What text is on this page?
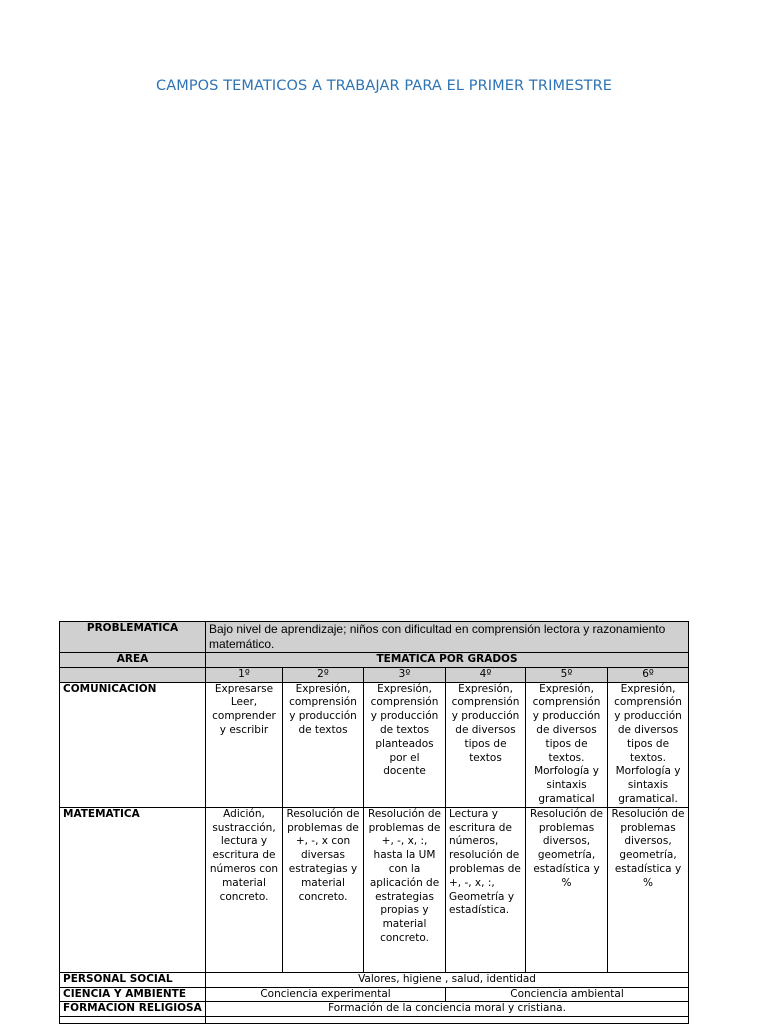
CAMPOS TEMATICOS A TRABAJAR PARA EL PRIMER TRIMESTRE
PROBLEMATICA	Bajo nivel de aprendizaje; niños con dificultad en comprensión lectora y razonamiento matemático.					
AREA	TEMATICA POR GRADOS					
	1º	2º	3º	4º	5º	6º
COMUNICACIÒN	Expresarse Leer, comprender y escribir	Expresión, comprensión y producción de textos	Expresión, comprensión y producción de textos planteados por el docente	Expresión, comprensión y producción de diversos tipos de textos	Expresión, comprensión y producción de diversos tipos de textos. Morfología y sintaxis gramatical	Expresión, comprensión y producción de diversos tipos de textos. Morfología y sintaxis gramatical.
MATEMATICA	Adición, sustracción, lectura y escritura de números con material concreto.	Resolución de problemas de +, -, x con diversas estrategias y material concreto.	Resolución de problemas de +, -, x, :, hasta la UM con la aplicación de estrategias propias y material concreto.	Lectura y escritura de números, resolución de problemas de +, -, x, :, Geometría y estadística.	Resolución de problemas diversos, geometría, estadística y %	Resolución de problemas diversos, geometría, estadística y %
PERSONAL SOCIAL	Valores, higiene , salud, identidad					
CIENCIA Y AMBIENTE	Conciencia experimental			Conciencia ambiental		
FORMACION RELIGIOSA	Formación de la conciencia moral y cristiana.					
